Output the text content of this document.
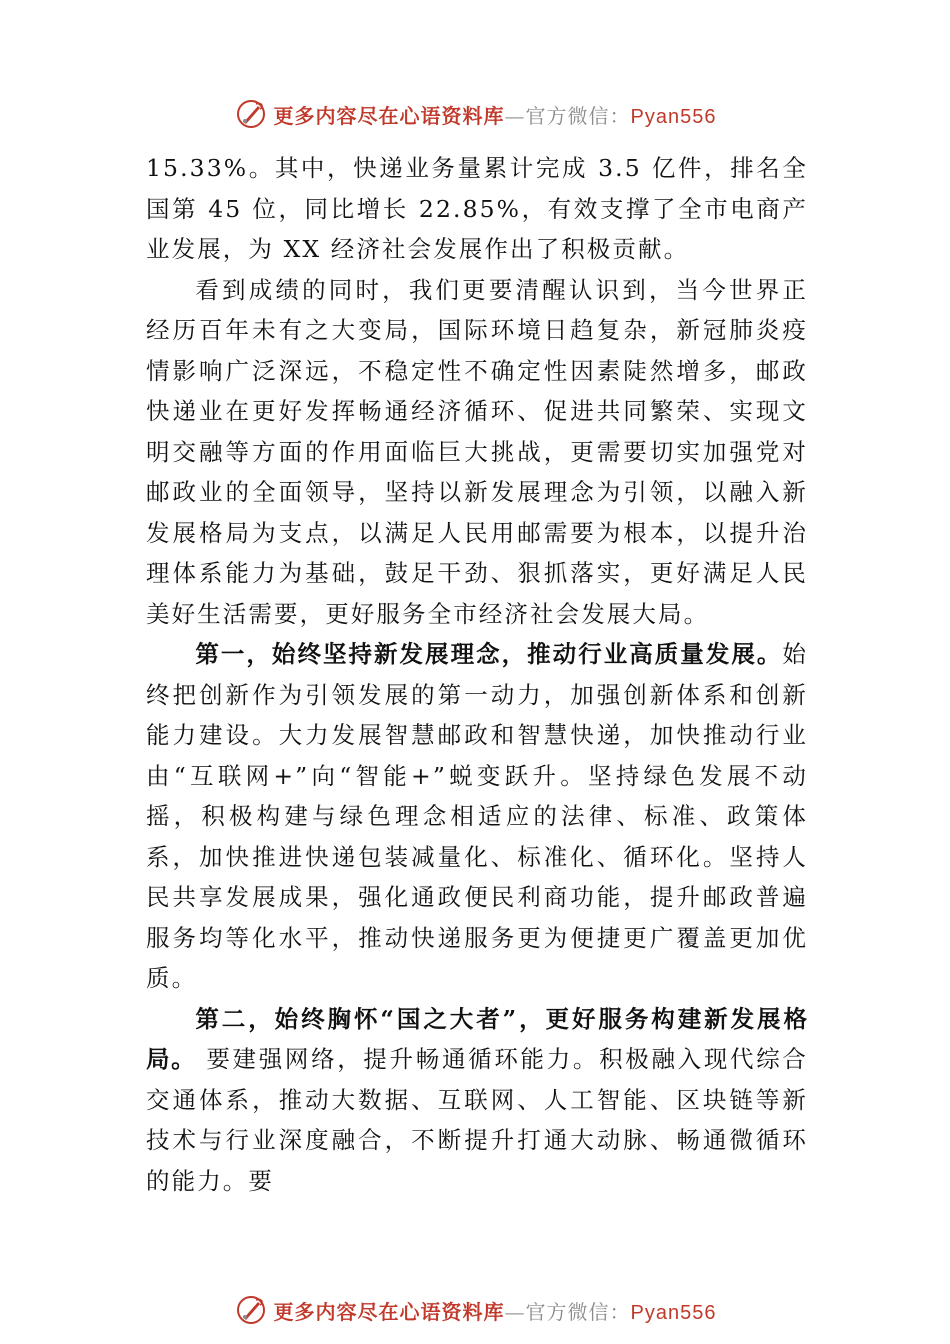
更多内容尽在心语资料库—官方微信：Pyan556

15.33%。其中，快递业务量累计完成 3.5 亿件，排名全国第 45 位，同比增长 22.85%，有效支撑了全市电商产业发展，为 XX 经济社会发展作出了积极贡献。

看到成绩的同时，我们更要清醒认识到，当今世界正经历百年未有之大变局，国际环境日趋复杂，新冠肺炎疫情影响广泛深远，不稳定性不确定性因素陡然增多，邮政快递业在更好发挥畅通经济循环、促进共同繁荣、实现文明交融等方面的作用面临巨大挑战，更需要切实加强党对邮政业的全面领导，坚持以新发展理念为引领，以融入新发展格局为支点，以满足人民用邮需要为根本，以提升治理体系能力为基础，鼓足干劲、狠抓落实，更好满足人民美好生活需要，更好服务全市经济社会发展大局。

第一，始终坚持新发展理念，推动行业高质量发展。始终把创新作为引领发展的第一动力，加强创新体系和创新能力建设。大力发展智慧邮政和智慧快递，加快推动行业由“互联网+”向“智能+”蜕变跃升。坚持绿色发展不动摇，积极构建与绿色理念相适应的法律、标准、政策体系，加快推进快递包装减量化、标准化、循环化。坚持人民共享发展成果，强化通政便民利商功能，提升邮政普遍服务均等化水平，推动快递服务更为便捷更广覆盖更加优质。

第二，始终胸怀“国之大者”，更好服务构建新发展格局。 要建强网络，提升畅通循环能力。积极融入现代综合交通体系，推动大数据、互联网、人工智能、区块链等新技术与行业深度融合，不断提升打通大动脉、畅通微循环的能力。要

更多内容尽在心语资料库—官方微信：Pyan556
